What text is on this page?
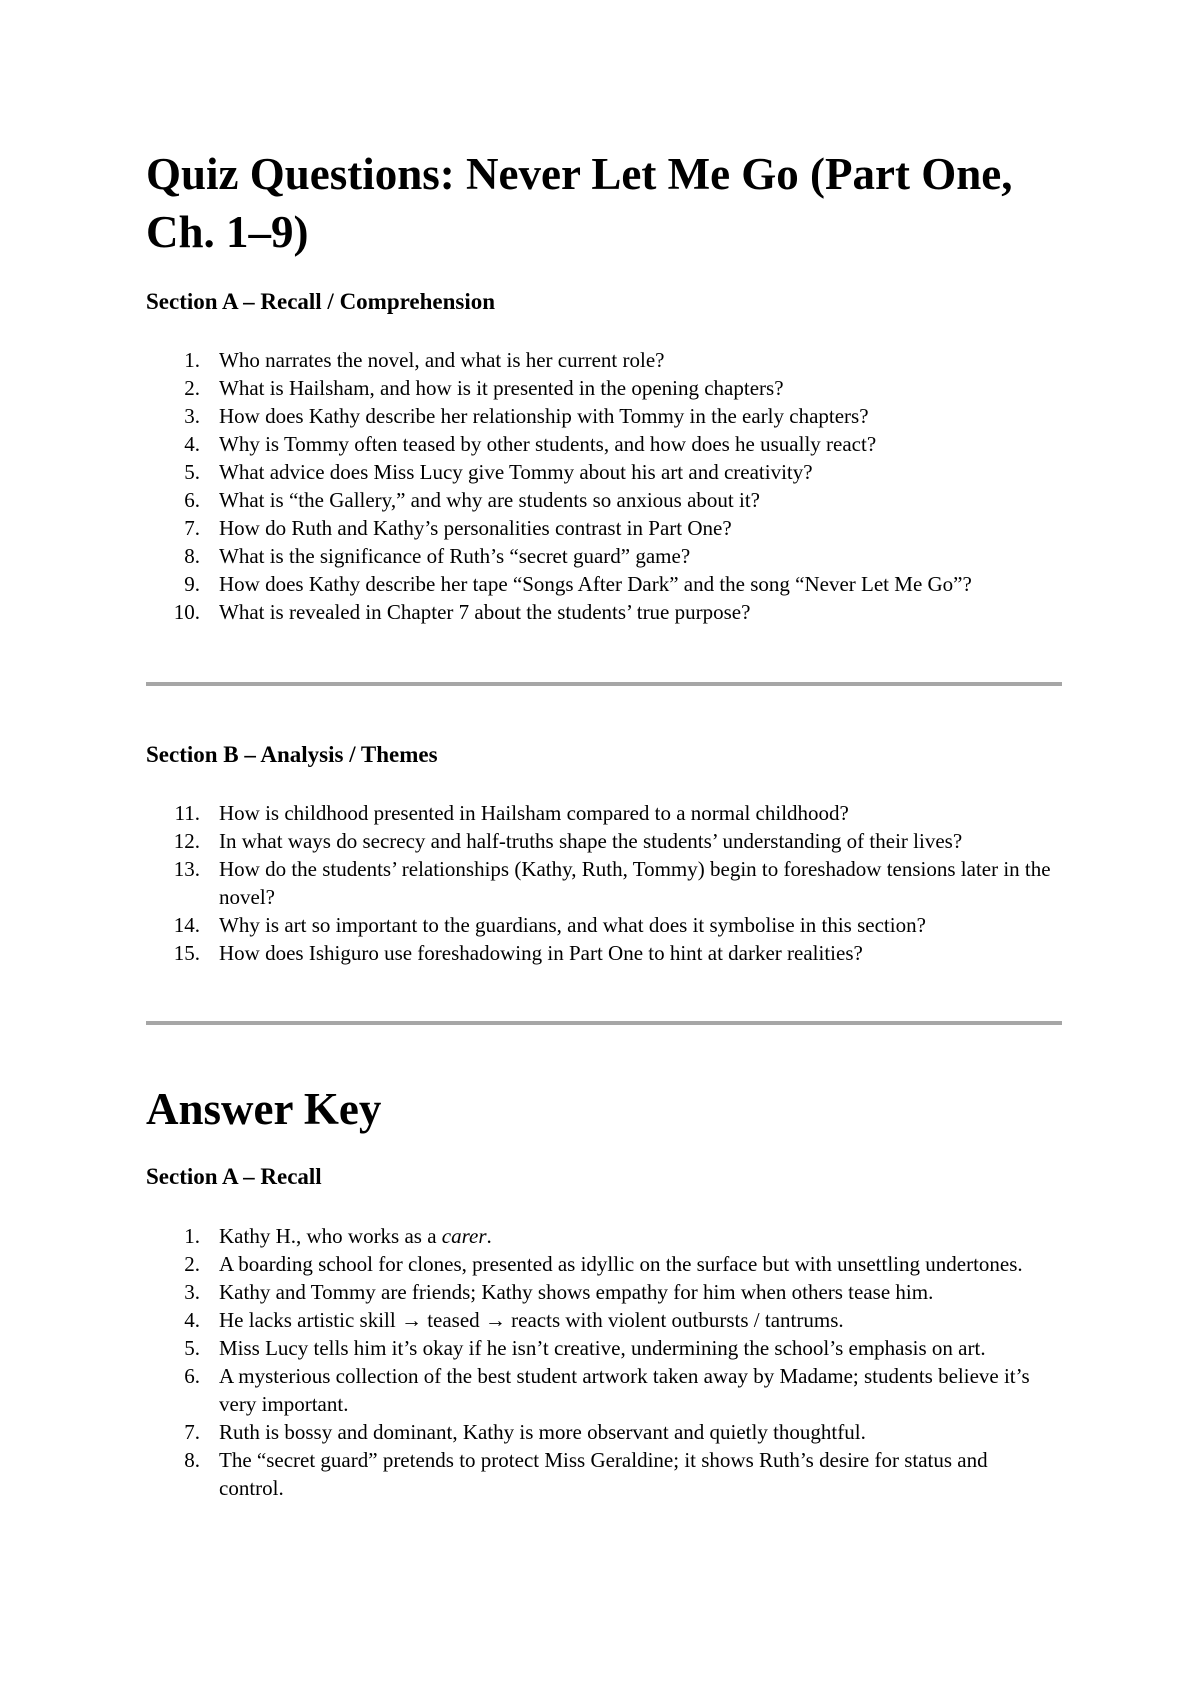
Quiz Questions: Never Let Me Go (Part One, Ch. 1–9)
Section A – Recall / Comprehension
1. Who narrates the novel, and what is her current role?
2. What is Hailsham, and how is it presented in the opening chapters?
3. How does Kathy describe her relationship with Tommy in the early chapters?
4. Why is Tommy often teased by other students, and how does he usually react?
5. What advice does Miss Lucy give Tommy about his art and creativity?
6. What is “the Gallery,” and why are students so anxious about it?
7. How do Ruth and Kathy’s personalities contrast in Part One?
8. What is the significance of Ruth’s “secret guard” game?
9. How does Kathy describe her tape “Songs After Dark” and the song “Never Let Me Go”?
10. What is revealed in Chapter 7 about the students’ true purpose?
Section B – Analysis / Themes
11. How is childhood presented in Hailsham compared to a normal childhood?
12. In what ways do secrecy and half-truths shape the students’ understanding of their lives?
13. How do the students’ relationships (Kathy, Ruth, Tommy) begin to foreshadow tensions later in the novel?
14. Why is art so important to the guardians, and what does it symbolise in this section?
15. How does Ishiguro use foreshadowing in Part One to hint at darker realities?
Answer Key
Section A – Recall
1. Kathy H., who works as a carer.
2. A boarding school for clones, presented as idyllic on the surface but with unsettling undertones.
3. Kathy and Tommy are friends; Kathy shows empathy for him when others tease him.
4. He lacks artistic skill → teased → reacts with violent outbursts / tantrums.
5. Miss Lucy tells him it’s okay if he isn’t creative, undermining the school’s emphasis on art.
6. A mysterious collection of the best student artwork taken away by Madame; students believe it’s very important.
7. Ruth is bossy and dominant, Kathy is more observant and quietly thoughtful.
8. The “secret guard” pretends to protect Miss Geraldine; it shows Ruth’s desire for status and control.
